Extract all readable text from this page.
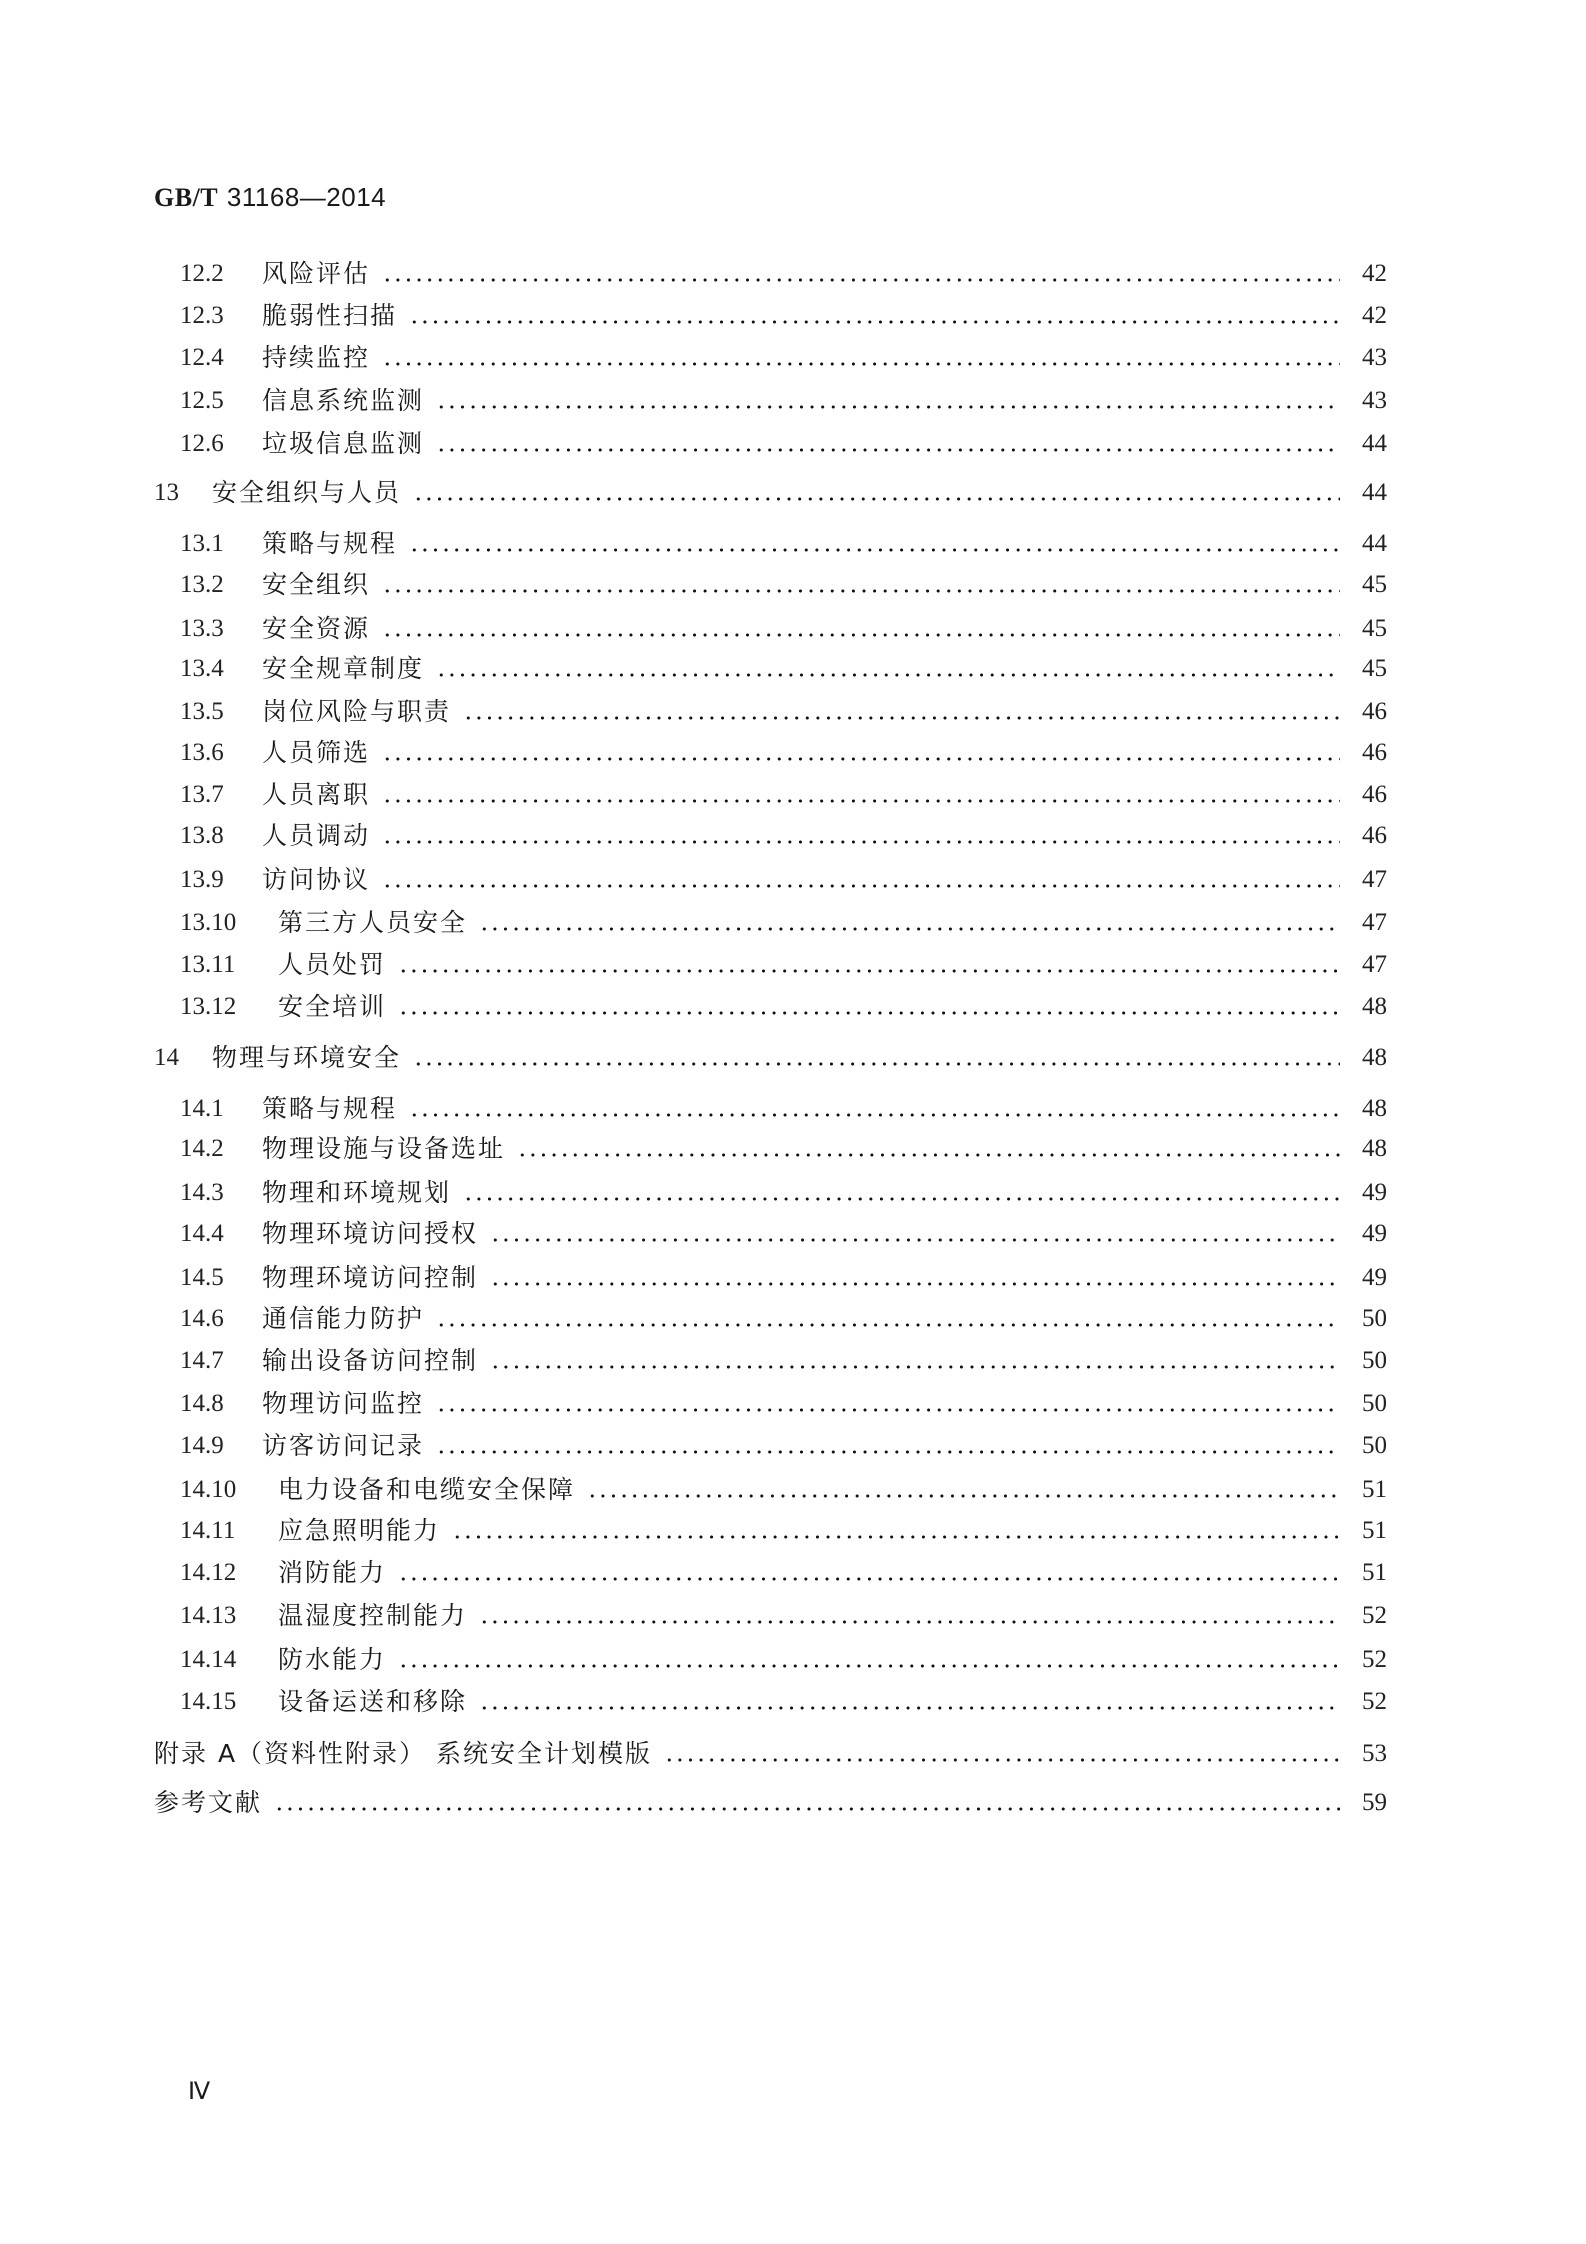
GB/T 31168—2014
12.2 风险评估	42
12.3 脆弱性扫描	42
12.4 持续监控	43
12.5 信息系统监测	43
12.6 垃圾信息监测	44
13 安全组织与人员	44
13.1 策略与规程	44
13.2 安全组织	45
13.3 安全资源	45
13.4 安全规章制度	45
13.5 岗位风险与职责	46
13.6 人员筛选	46
13.7 人员离职	46
13.8 人员调动	46
13.9 访问协议	47
13.10 第三方人员安全	47
13.11 人员处罚	47
13.12 安全培训	48
14 物理与环境安全	48
14.1 策略与规程	48
14.2 物理设施与设备选址	48
14.3 物理和环境规划	49
14.4 物理环境访问授权	49
14.5 物理环境访问控制	49
14.6 通信能力防护	50
14.7 输出设备访问控制	50
14.8 物理访问监控	50
14.9 访客访问记录	50
14.10 电力设备和电缆安全保障	51
14.11 应急照明能力	51
14.12 消防能力	51
14.13 温湿度控制能力	52
14.14 防水能力	52
14.15 设备运送和移除	52
附录 A（资料性附录） 系统安全计划模版	53
参考文献	59
Ⅳ
